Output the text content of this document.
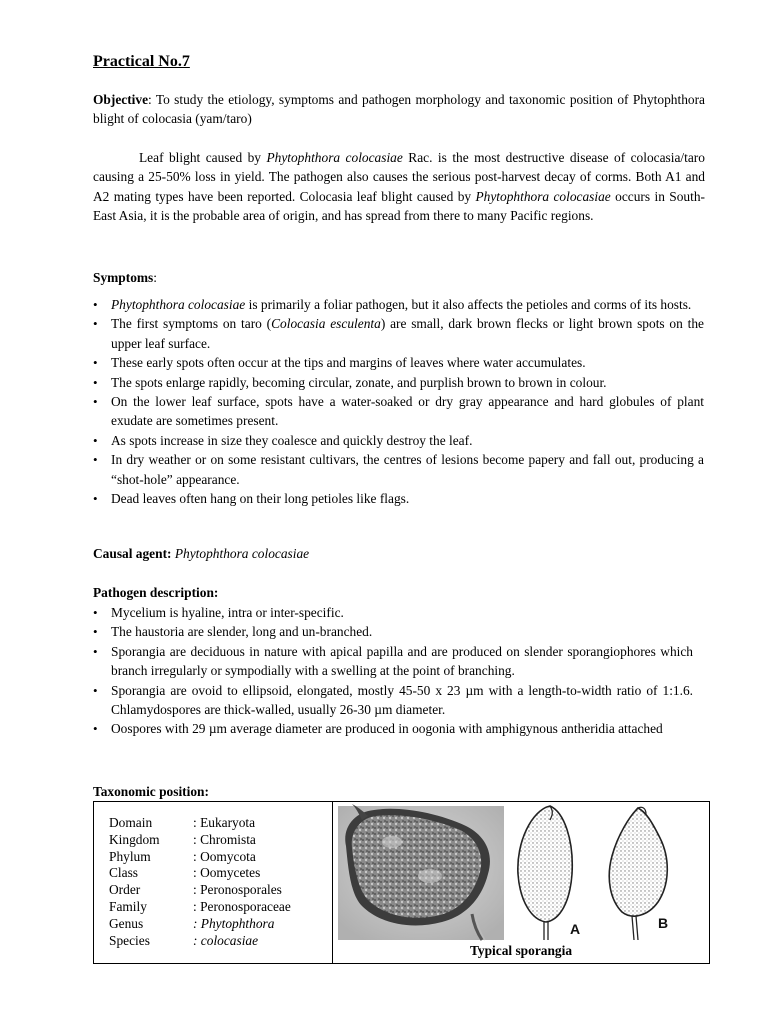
Practical No.7
Objective: To study the etiology, symptoms and pathogen morphology and taxonomic position of Phytophthora blight of colocasia (yam/taro)
Leaf blight caused by Phytophthora colocasiae Rac. is the most destructive disease of colocasia/taro causing a 25-50% loss in yield. The pathogen also causes the serious post-harvest decay of corms. Both A1 and A2 mating types have been reported. Colocasia leaf blight caused by Phytophthora colocasiae occurs in South-East Asia, it is the probable area of origin, and has spread from there to many Pacific regions.
Symptoms:
• Phytophthora colocasiae is primarily a foliar pathogen, but it also affects the petioles and corms of its hosts.
• The first symptoms on taro (Colocasia esculenta) are small, dark brown flecks or light brown spots on the upper leaf surface.
• These early spots often occur at the tips and margins of leaves where water accumulates.
• The spots enlarge rapidly, becoming circular, zonate, and purplish brown to brown in colour.
• On the lower leaf surface, spots have a water-soaked or dry gray appearance and hard globules of plant exudate are sometimes present.
• As spots increase in size they coalesce and quickly destroy the leaf.
• In dry weather or on some resistant cultivars, the centres of lesions become papery and fall out, producing a “shot-hole” appearance.
• Dead leaves often hang on their long petioles like flags.
Causal agent: Phytophthora colocasiae
Pathogen description:
• Mycelium is hyaline, intra or inter-specific.
• The haustoria are slender, long and un-branched.
• Sporangia are deciduous in nature with apical papilla and are produced on slender sporangiophores which branch irregularly or sympodially with a swelling at the point of branching.
• Sporangia are ovoid to ellipsoid, elongated, mostly 45-50 x 23 µm with a length-to-width ratio of 1:1.6. Chlamydospores are thick-walled, usually 26-30 µm diameter.
• Oospores with 29 µm average diameter are produced in oogonia with amphigynous antheridia attached
Taxonomic position:
Domain	: Eukaryota
Kingdom	: Chromista
Phylum	: Oomycota
Class	: Oomycetes
Order	: Peronosporales
Family	: Peronosporaceae
Genus	: Phytophthora
Species	: colocasiae
A	B
Typical sporangia
